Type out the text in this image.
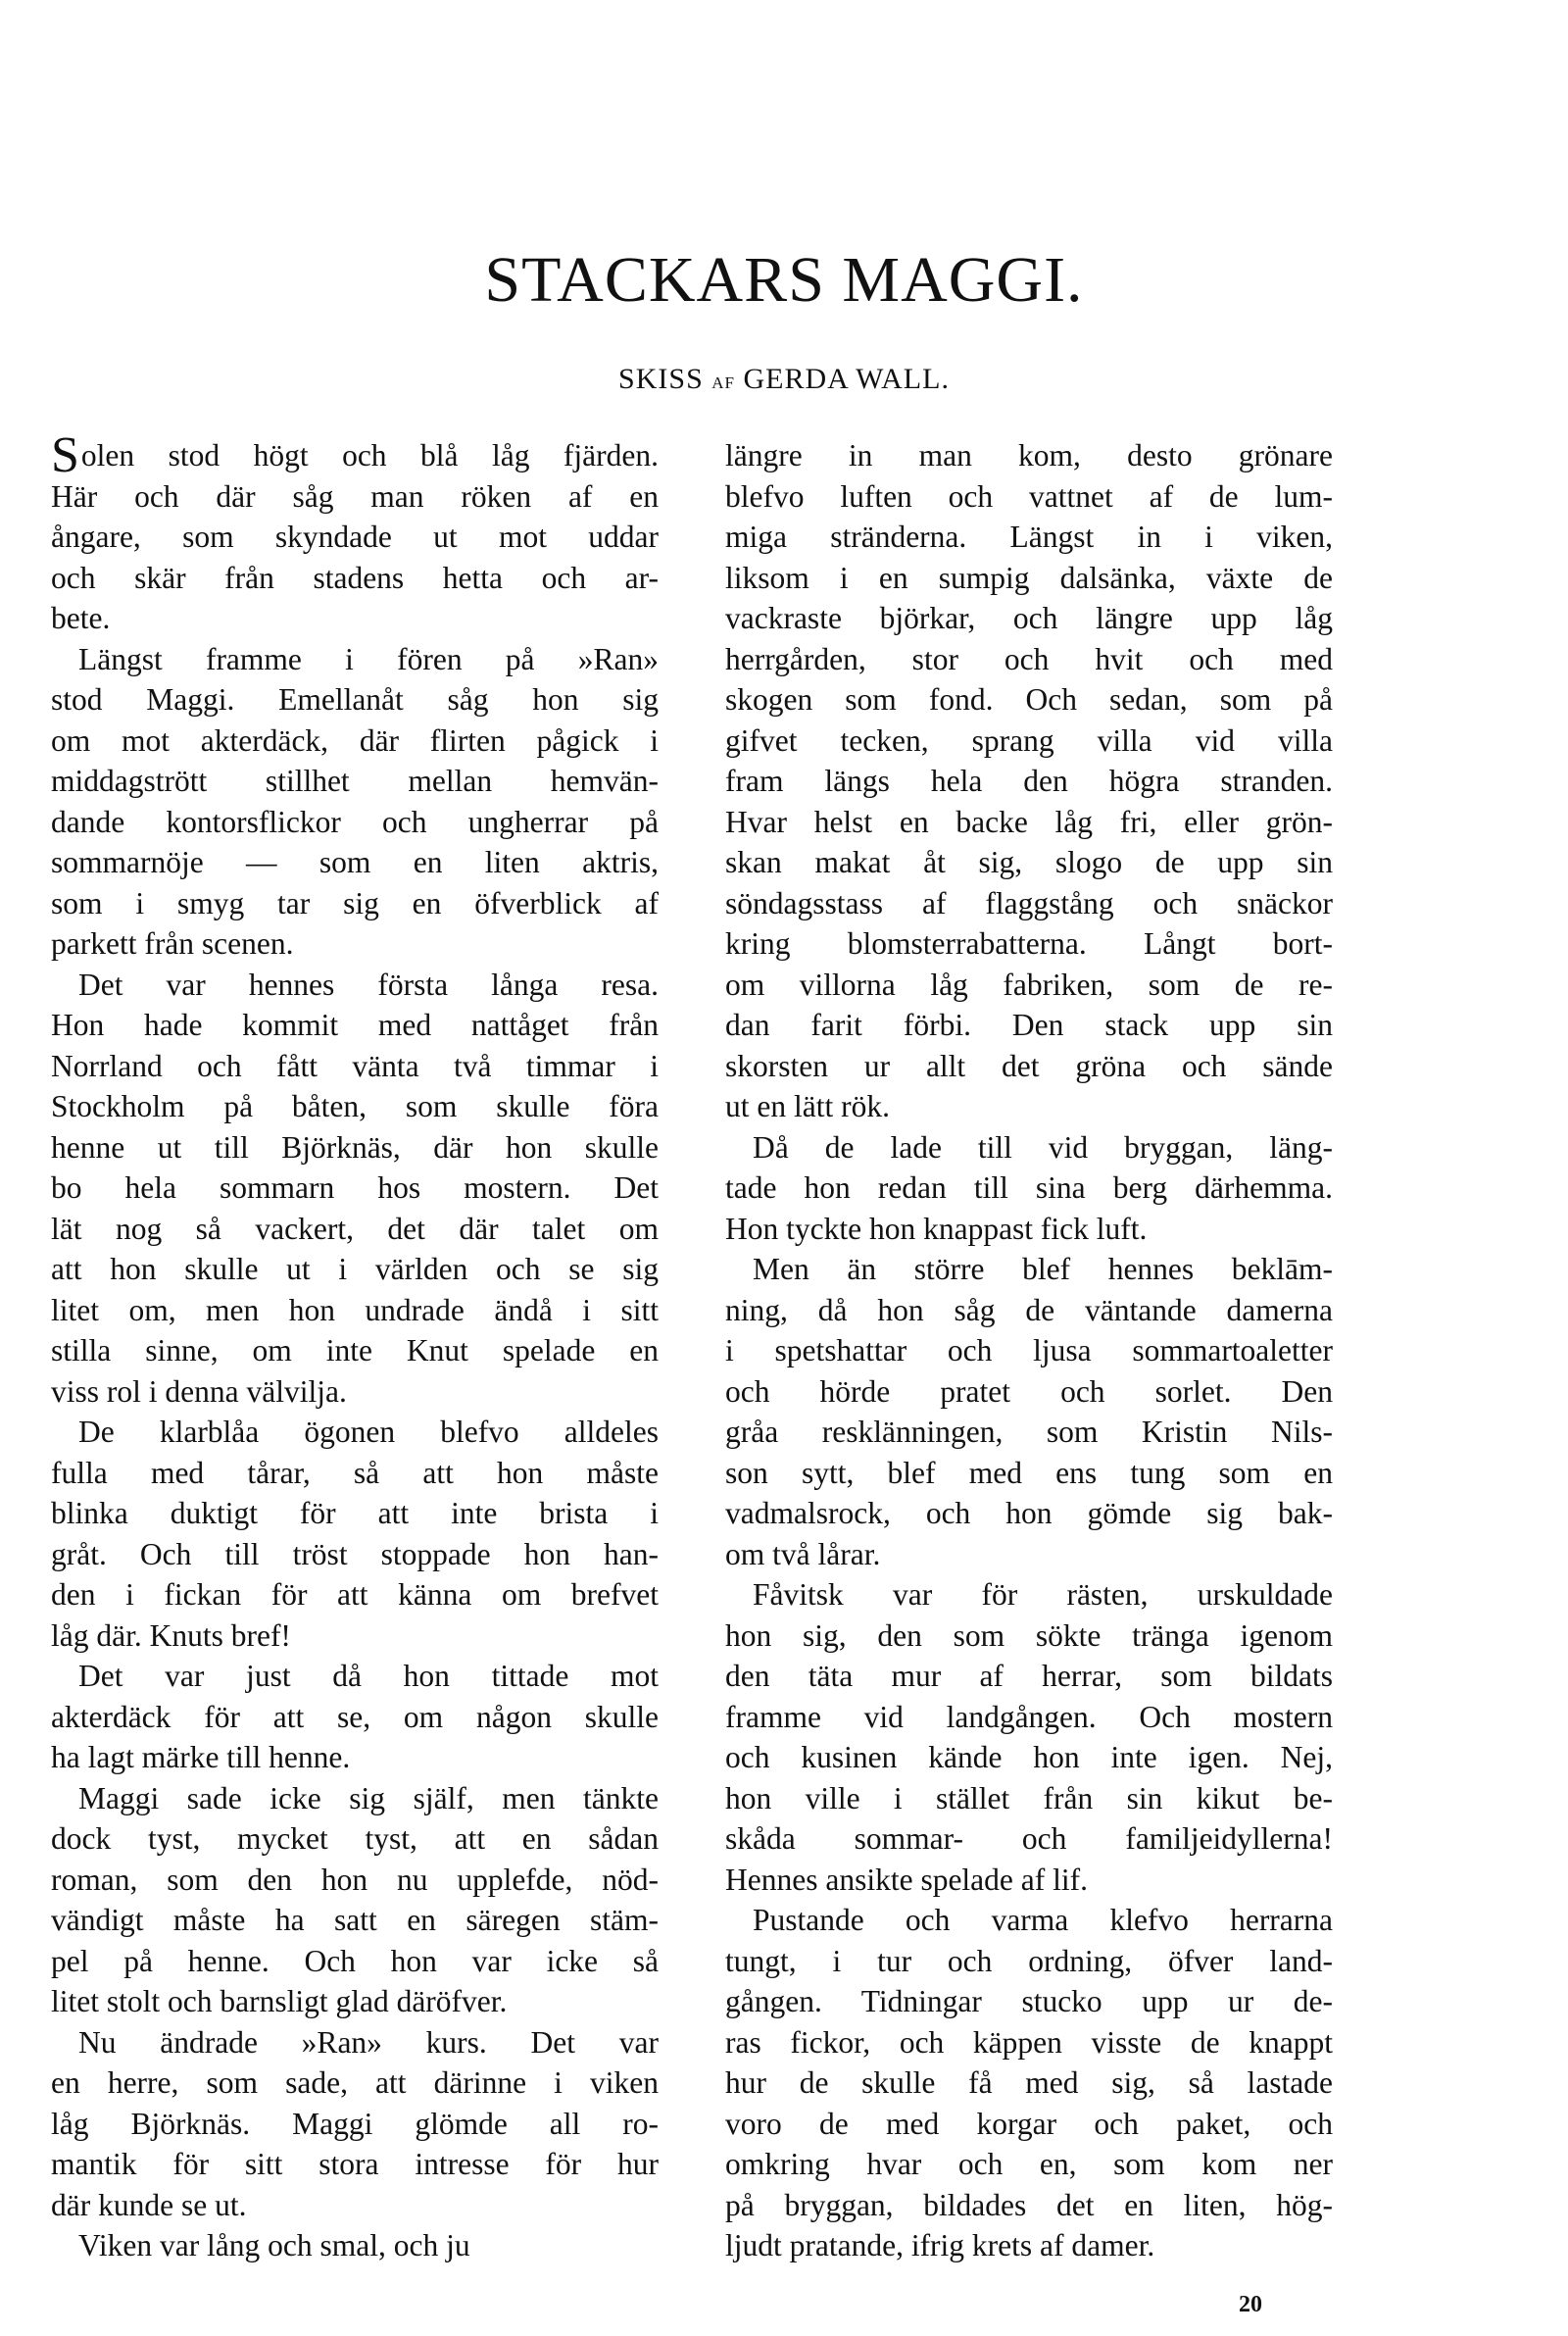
STACKARS MAGGI.
SKISS AF GERDA WALL.
Solen stod högt och blå låg fjärden.
Här och där såg man röken af en
ångare, som skyndade ut mot uddar
och skär från stadens hetta och ar-
bete.
Längst framme i fören på »Ran»
stod Maggi. Emellanåt såg hon sig
om mot akterdäck, där flirten pågick i
middagstrött stillhet mellan hemvän-
dande kontorsflickor och ungherrar på
sommarnöje — som en liten aktris,
som i smyg tar sig en öfverblick af
parkett från scenen.
Det var hennes första långa resa.
Hon hade kommit med nattåget från
Norrland och fått vänta två timmar i
Stockholm på båten, som skulle föra
henne ut till Björknäs, där hon skulle
bo hela sommarn hos mostern. Det
lät nog så vackert, det där talet om
att hon skulle ut i världen och se sig
litet om, men hon undrade ändå i sitt
stilla sinne, om inte Knut spelade en
viss rol i denna välvilja.
De klarblåa ögonen blefvo alldeles
fulla med tårar, så att hon måste
blinka duktigt för att inte brista i
gråt. Och till tröst stoppade hon han-
den i fickan för att känna om brefvet
låg där. Knuts bref!
Det var just då hon tittade mot
akterdäck för att se, om någon skulle
ha lagt märke till henne.
Maggi sade icke sig själf, men tänkte
dock tyst, mycket tyst, att en sådan
roman, som den hon nu upplefde, nöd-
vändigt måste ha satt en säregen stäm-
pel på henne. Och hon var icke så
litet stolt och barnsligt glad däröfver.
Nu ändrade »Ran» kurs. Det var
en herre, som sade, att därinne i viken
låg Björknäs. Maggi glömde all ro-
mantik för sitt stora intresse för hur
där kunde se ut.
Viken var lång och smal, och ju
längre in man kom, desto grönare
blefvo luften och vattnet af de lum-
miga stränderna. Längst in i viken,
liksom i en sumpig dalsänka, växte de
vackraste björkar, och längre upp låg
herrgården, stor och hvit och med
skogen som fond. Och sedan, som på
gifvet tecken, sprang villa vid villa
fram längs hela den högra stranden.
Hvar helst en backe låg fri, eller grön-
skan makat åt sig, slogo de upp sin
söndagsstass af flaggstång och snäckor
kring blomsterrabatterna. Långt bort-
om villorna låg fabriken, som de re-
dan farit förbi. Den stack upp sin
skorsten ur allt det gröna och sände
ut en lätt rök.
Då de lade till vid bryggan, läng-
tade hon redan till sina berg därhemma.
Hon tyckte hon knappast fick luft.
Men än större blef hennes beklām-
ning, då hon såg de väntande damerna
i spetshattar och ljusa sommartoaletter
och hörde pratet och sorlet. Den
gråa resklänningen, som Kristin Nils-
son sytt, blef med ens tung som en
vadmalsrock, och hon gömde sig bak-
om två lårar.
Fåvitsk var för rästen, urskuldade
hon sig, den som sökte tränga igenom
den täta mur af herrar, som bildats
framme vid landgången. Och mostern
och kusinen kände hon inte igen. Nej,
hon ville i stället från sin kikut be-
skåda sommar- och familjeidyllerna!
Hennes ansikte spelade af lif.
Pustande och varma klefvo herrarna
tungt, i tur och ordning, öfver land-
gången. Tidningar stucko upp ur de-
ras fickor, och käppen visste de knappt
hur de skulle få med sig, så lastade
voro de med korgar och paket, och
omkring hvar och en, som kom ner
på bryggan, bildades det en liten, hög-
ljudt pratande, ifrig krets af damer.
20
